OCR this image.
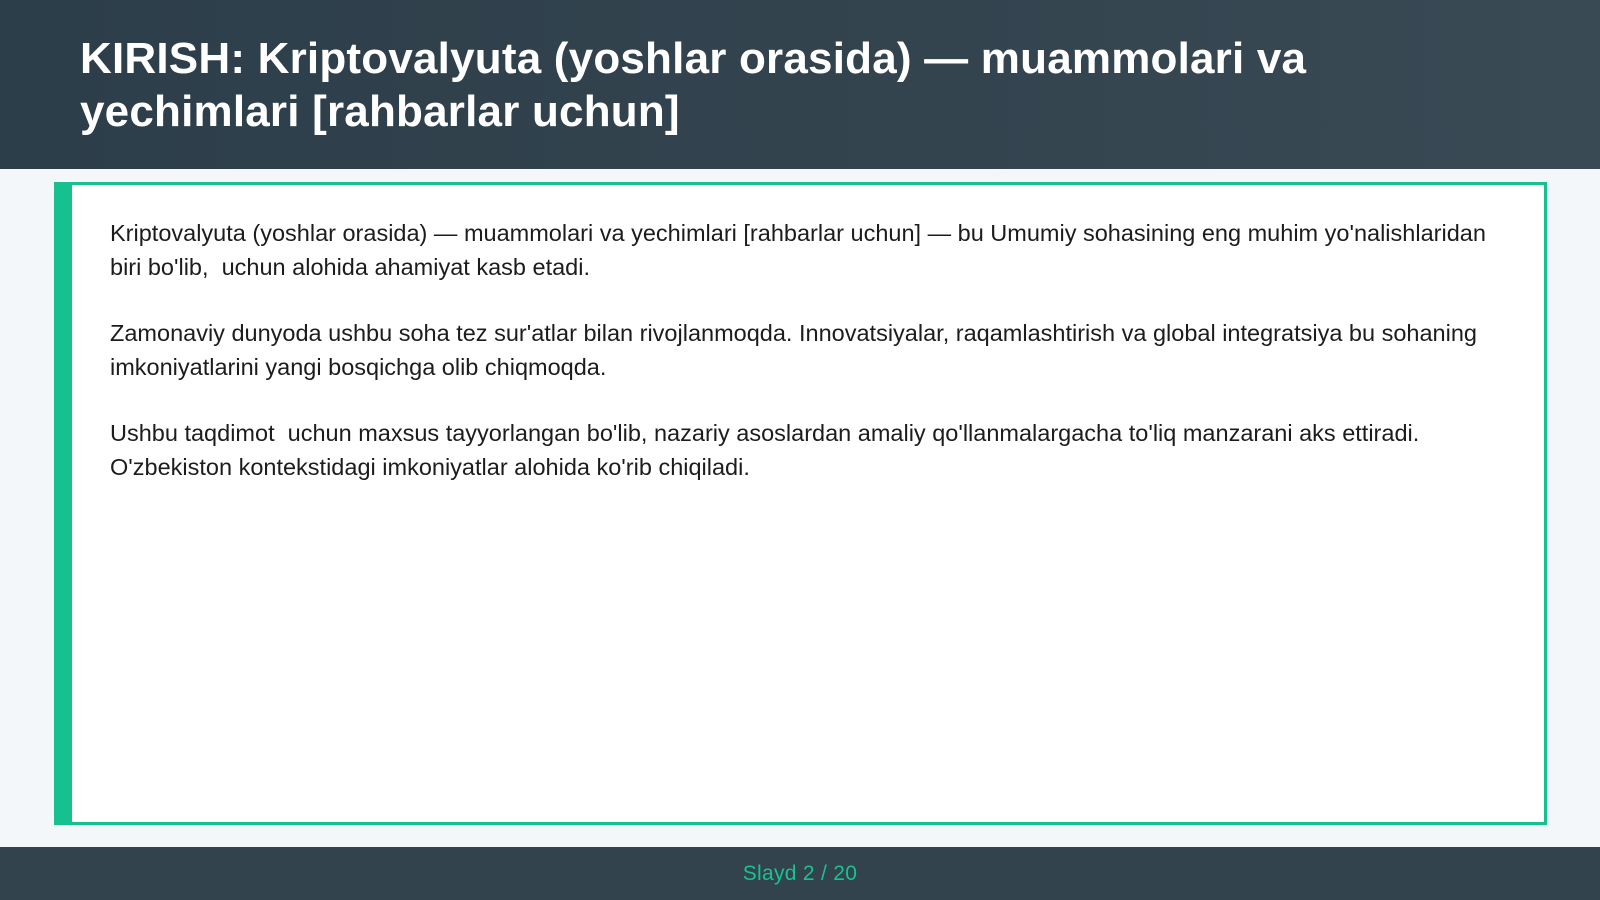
KIRISH: Kriptovalyuta (yoshlar orasida) — muammolari va yechimlari [rahbarlar uchun]

Kriptovalyuta (yoshlar orasida) — muammolari va yechimlari [rahbarlar uchun] — bu Umumiy sohasining eng muhim yo'nalishlaridan biri bo'lib,  uchun alohida ahamiyat kasb etadi.

Zamonaviy dunyoda ushbu soha tez sur'atlar bilan rivojlanmoqda. Innovatsiyalar, raqamlashtirish va global integratsiya bu sohaning imkoniyatlarini yangi bosqichga olib chiqmoqda.

Ushbu taqdimot  uchun maxsus tayyorlangan bo'lib, nazariy asoslardan amaliy qo'llanmalargacha to'liq manzarani aks ettiradi. O'zbekiston kontekstidagi imkoniyatlar alohida ko'rib chiqiladi.

Slayd 2 / 20
